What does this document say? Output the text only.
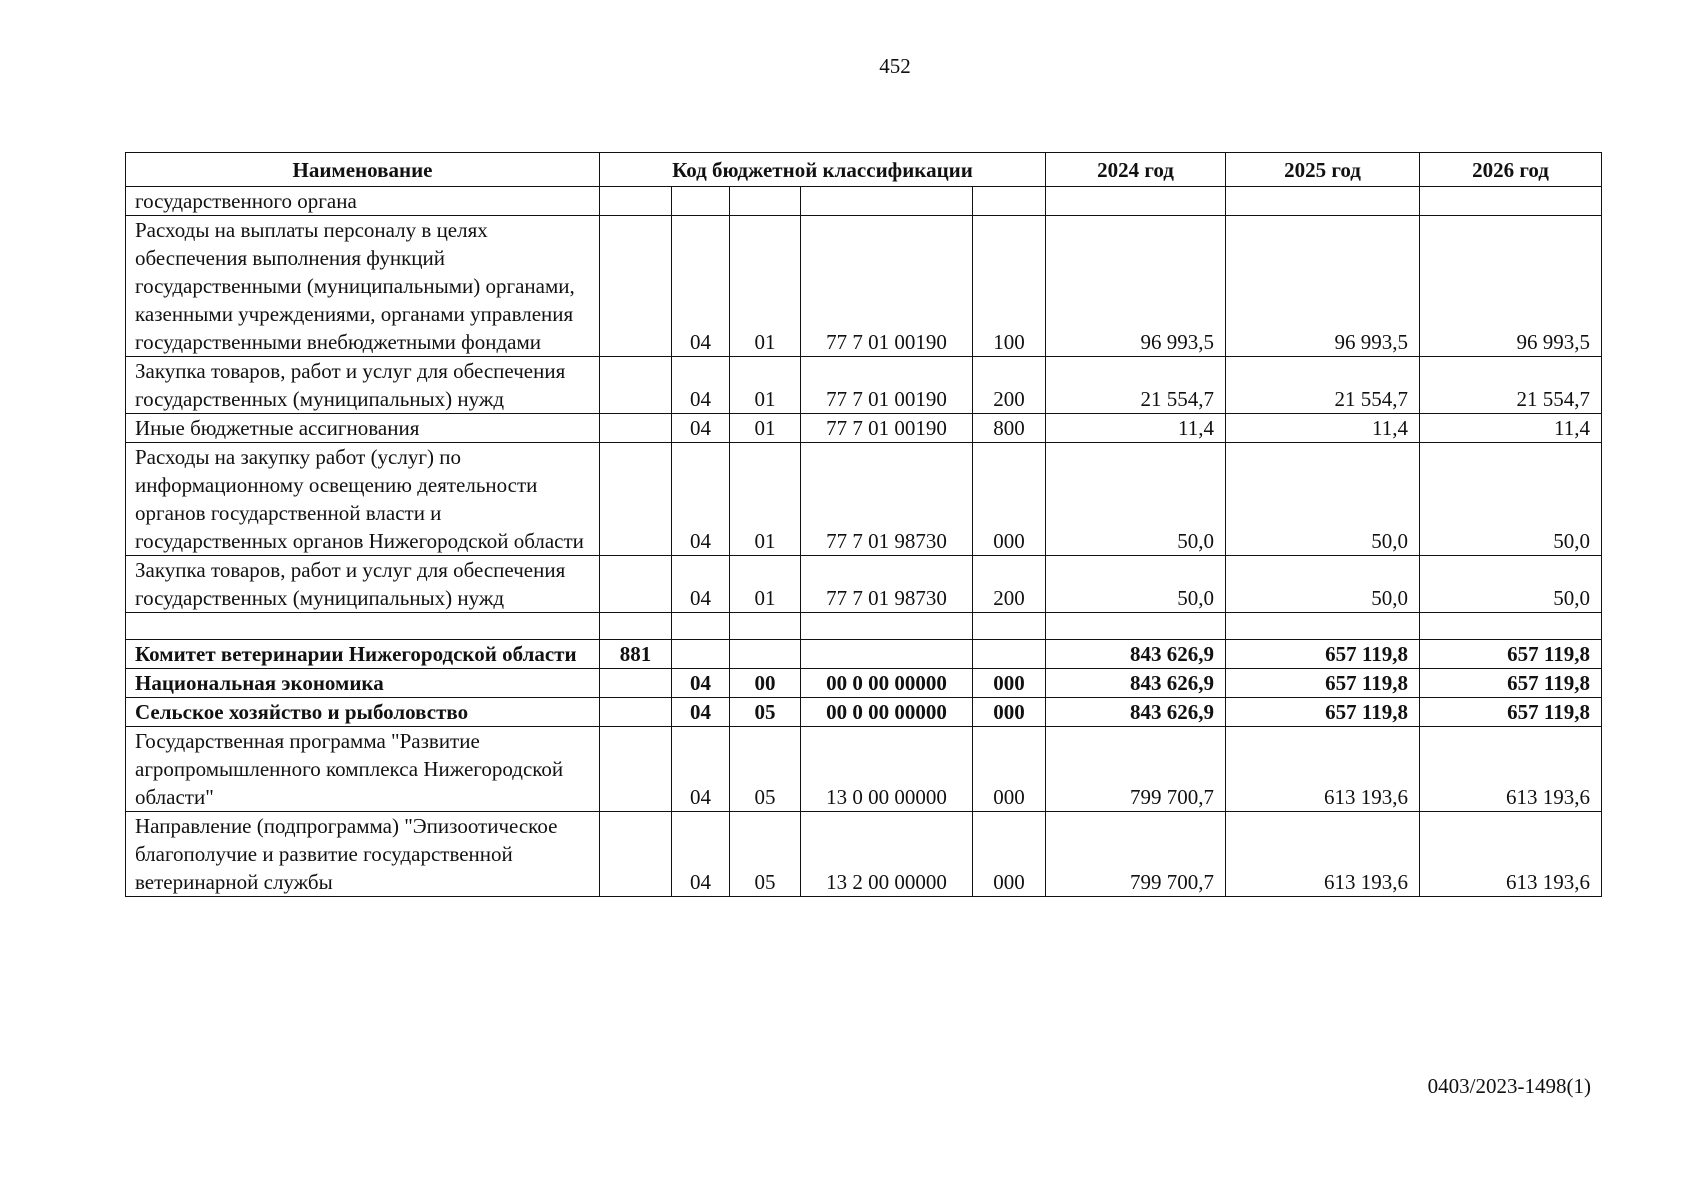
452
Наименование	Код бюджетной классификации					2024 год	2025 год	2026 год
государственного органа								
Расходы на выплаты персоналу в целях обеспечения выполнения функций государственными (муниципальными) органами, казенными учреждениями, органами управления государственными внебюджетными фондами		04	01	77 7 01 00190	100	96 993,5	96 993,5	96 993,5
Закупка товаров, работ и услуг для обеспечения государственных (муниципальных) нужд		04	01	77 7 01 00190	200	21 554,7	21 554,7	21 554,7
Иные бюджетные ассигнования		04	01	77 7 01 00190	800	11,4	11,4	11,4
Расходы на закупку работ (услуг) по информационному освещению деятельности органов государственной власти и государственных органов Нижегородской области		04	01	77 7 01 98730	000	50,0	50,0	50,0
Закупка товаров, работ и услуг для обеспечения государственных (муниципальных) нужд		04	01	77 7 01 98730	200	50,0	50,0	50,0

Комитет ветеринарии Нижегородской области	881					843 626,9	657 119,8	657 119,8
Национальная экономика		04	00	00 0 00 00000	000	843 626,9	657 119,8	657 119,8
Сельское хозяйство и рыболовство		04	05	00 0 00 00000	000	843 626,9	657 119,8	657 119,8
Государственная программа "Развитие агропромышленного комплекса Нижегородской области"		04	05	13 0 00 00000	000	799 700,7	613 193,6	613 193,6
Направление (подпрограмма) "Эпизоотическое благополучие и развитие государственной ветеринарной службы		04	05	13 2 00 00000	000	799 700,7	613 193,6	613 193,6
0403/2023-1498(1)
